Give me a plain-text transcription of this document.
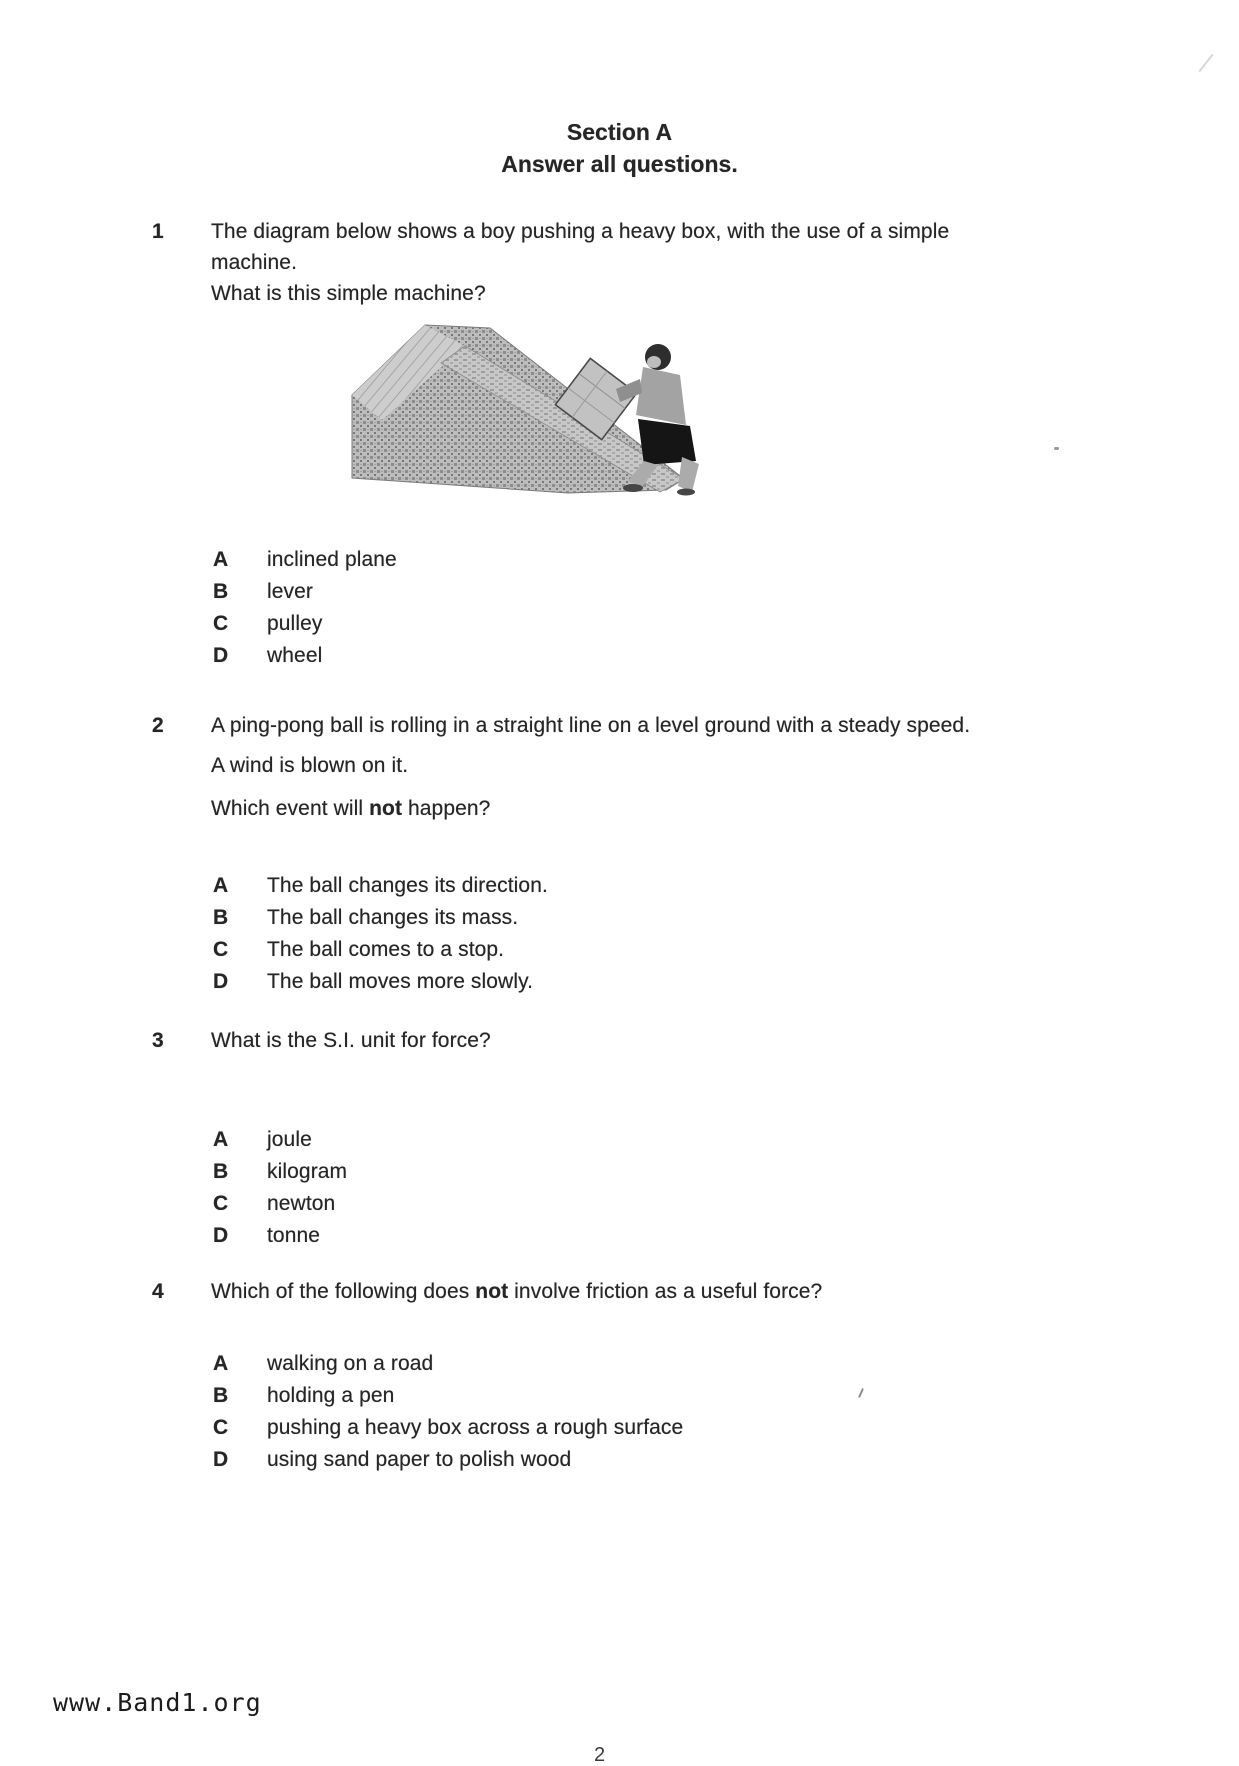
Section A
Answer all questions.
1 The diagram below shows a boy pushing a heavy box, with the use of a simple
machine.
What is this simple machine?
A	inclined plane
B	lever
C	pulley
D	wheel
2 A ping-pong ball is rolling in a straight line on a level ground with a steady speed.
A wind is blown on it.
Which event will not happen?
A	The ball changes its direction.
B	The ball changes its mass.
C	The ball comes to a stop.
D	The ball moves more slowly.
3 What is the S.I. unit for force?
A	joule
B	kilogram
C	newton
D	tonne
4 Which of the following does not involve friction as a useful force?
A	walking on a road
B	holding a pen
C	pushing a heavy box across a rough surface
D	using sand paper to polish wood
www.Band1.org
2
